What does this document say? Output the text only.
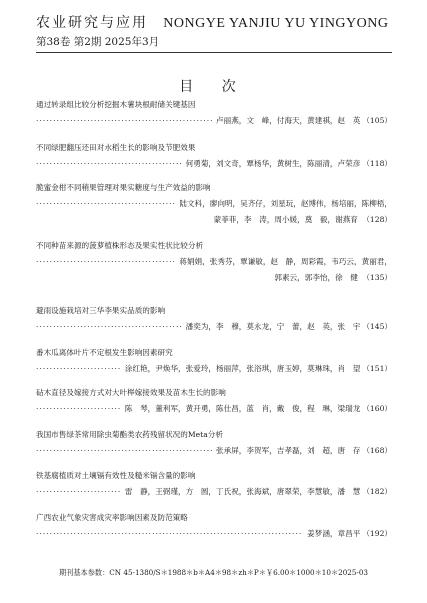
农业研究与应用 NONGYE YANJIU YU YINGYONG
第38卷 第2期 2025年3月
目 次
通过转录组比较分析挖掘木薯块根耐储关键基因
·····
卢丽燕，文　峰，付海天，黄建祺，赵　英 （105）
不同绿肥翻压还田对水稻生长的影响及节肥效果
·····
何勇菊，刘文奇，覃杨华，黄树生，陈丽清，卢荣彦 （118）
脆蜜金柑不同稍果管理对果实糖度与生产效益的影响
·····
陆文科，廖向明，吴齐仔，刘星玩，赵博伟，杨培丽，陈柳梧，
蒙菲菲，李　涛，周小媛，奠　毅，谢燕育 （128）
不同种苗来源的菠萝植株形态及果实性状比较分析
·····
蒋娟娟，张秀芬，覃谦敏，赵　静，周彩霞，韦巧云，黄丽君，
郭素云，郭李怡，徐　健 （135）
避雨设施栽培对三华李果实品质的影响
·····
潘奕为，李　穆，莫永龙，宁　蕾，赵　英，张　宇 （145）
番木瓜离体叶片不定根发生影响因素研究
·····
涂红艳，尹焕华，张爱玲，杨丽萍，张浴琪，唐玉婷，莫琳珠，肖　望 （151）
砧木直径及嫁接方式对大叶榉嫁接效果及苗木生长的影响
·····
陈　琴，董利军，黄开勇，陈仕昌，蓝　肖，戴　俊，程　琳，梁瑞龙 （160）
我国市售绿茶常用除虫菊酯类农药残留状况的Meta分析
·····
张承屏，李贺军，吉孝磊，刘　超，唐　存 （168）
铁基腐植质对土壤镉有效性及糙米镉含量的影响
·····
雷　静，王弼瑾，方　圆，丁氏祝，张海斌，唐翠荣，李慧敏，潘　慧 （182）
广西农业气象灾害成灾率影响因素及防范策略
·····
姜梦涵，章昌平 （192）
期刊基本参数：CN 45-1380/S＊1988＊b＊A4＊98＊zh＊P＊￥6.00＊1000＊10＊2025-03
